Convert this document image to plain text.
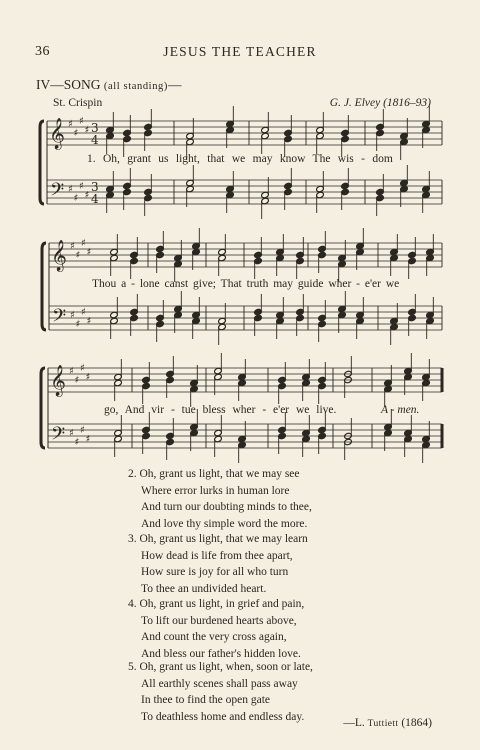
36	JESUS THE TEACHER
IV—SONG (all standing)—
St. Crispin	G. J. Elvey (1816–93)
𝄞
𝄢
♯
♯
♯
♯
♯
♯
♯
♯
3
4
3
4
𝄞
𝄢
♯
♯
♯
♯
♯
♯
♯
♯
𝄞
𝄢
♯
♯
♯
♯
♯
♯
♯
♯
1. Oh, grant us light, that we may know The wis - dom
Thou a - lone canst give; That truth may guide wher - e'er we
go, And vir - tue bless wher - e'er we live.	A - men.
2. Oh, grant us light, that we may see
Where error lurks in human lore
And turn our doubting minds to thee,
And love thy simple word the more.
3. Oh, grant us light, that we may learn
How dead is life from thee apart,
How sure is joy for all who turn
To thee an undivided heart.
4. Oh, grant us light, in grief and pain,
To lift our burdened hearts above,
And count the very cross again,
And bless our father's hidden love.
5. Oh, grant us light, when, soon or late,
All earthly scenes shall pass away
In thee to find the open gate
To deathless home and endless day.
—L. Tuttiett (1864)
